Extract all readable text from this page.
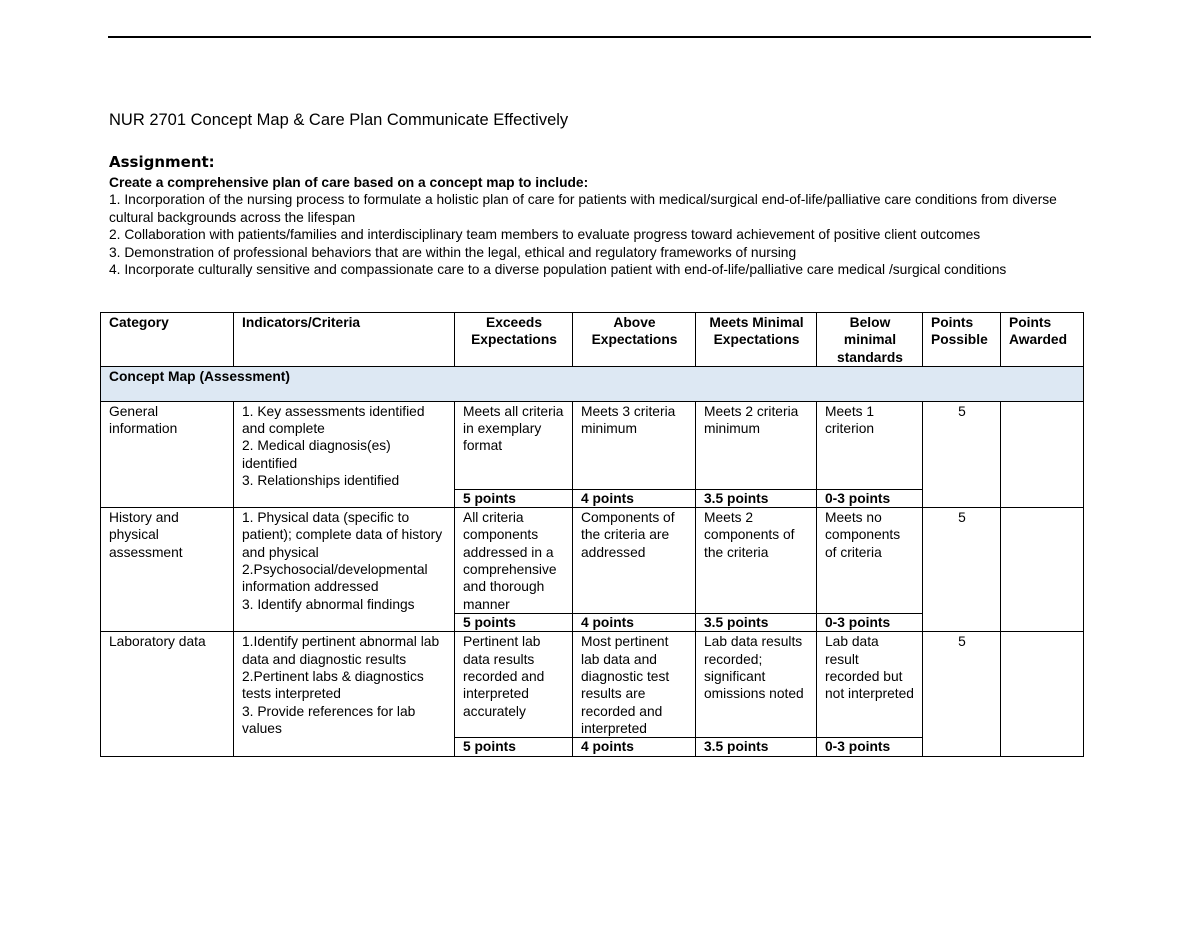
NUR 2701 Concept Map & Care Plan Communicate Effectively
Assignment:
Create a comprehensive plan of care based on a concept map to include:
1. Incorporation of the nursing process to formulate a holistic plan of care for patients with medical/surgical end-of-life/palliative care conditions from diverse cultural backgrounds across the lifespan
2. Collaboration with patients/families and interdisciplinary team members to evaluate progress toward achievement of positive client outcomes
3. Demonstration of professional behaviors that are within the legal, ethical and regulatory frameworks of nursing
4. Incorporate culturally sensitive and compassionate care to a diverse population patient with end-of-life/palliative care medical /surgical conditions
Category	Indicators/Criteria	Exceeds Expectations	Above Expectations	Meets Minimal Expectations	Below minimal standards	Points Possible	Points Awarded
Concept Map (Assessment)							
General information	1. Key assessments identified and complete
2. Medical diagnosis(es) identified
3. Relationships identified	Meets all criteria in exemplary format	Meets 3 criteria minimum	Meets 2 criteria minimum	Meets 1 criterion	5	
		5 points	4 points	3.5 points	0-3 points		
History and physical assessment	1. Physical data (specific to patient); complete data of history and physical
2.Psychosocial/developmental information addressed
3. Identify abnormal findings	All criteria components addressed in a comprehensive and thorough manner	Components of the criteria are addressed	Meets 2 components of the criteria	Meets no components of criteria	5	
		5 points	4 points	3.5 points	0-3 points		
Laboratory data	1.Identify pertinent abnormal lab data and diagnostic results
2.Pertinent labs & diagnostics tests interpreted
3. Provide references for lab values	Pertinent lab data results recorded and interpreted accurately	Most pertinent lab data and diagnostic test results are recorded and interpreted	Lab data results recorded; significant omissions noted	Lab data result recorded but not interpreted	5	
		5 points	4 points	3.5 points	0-3 points		
